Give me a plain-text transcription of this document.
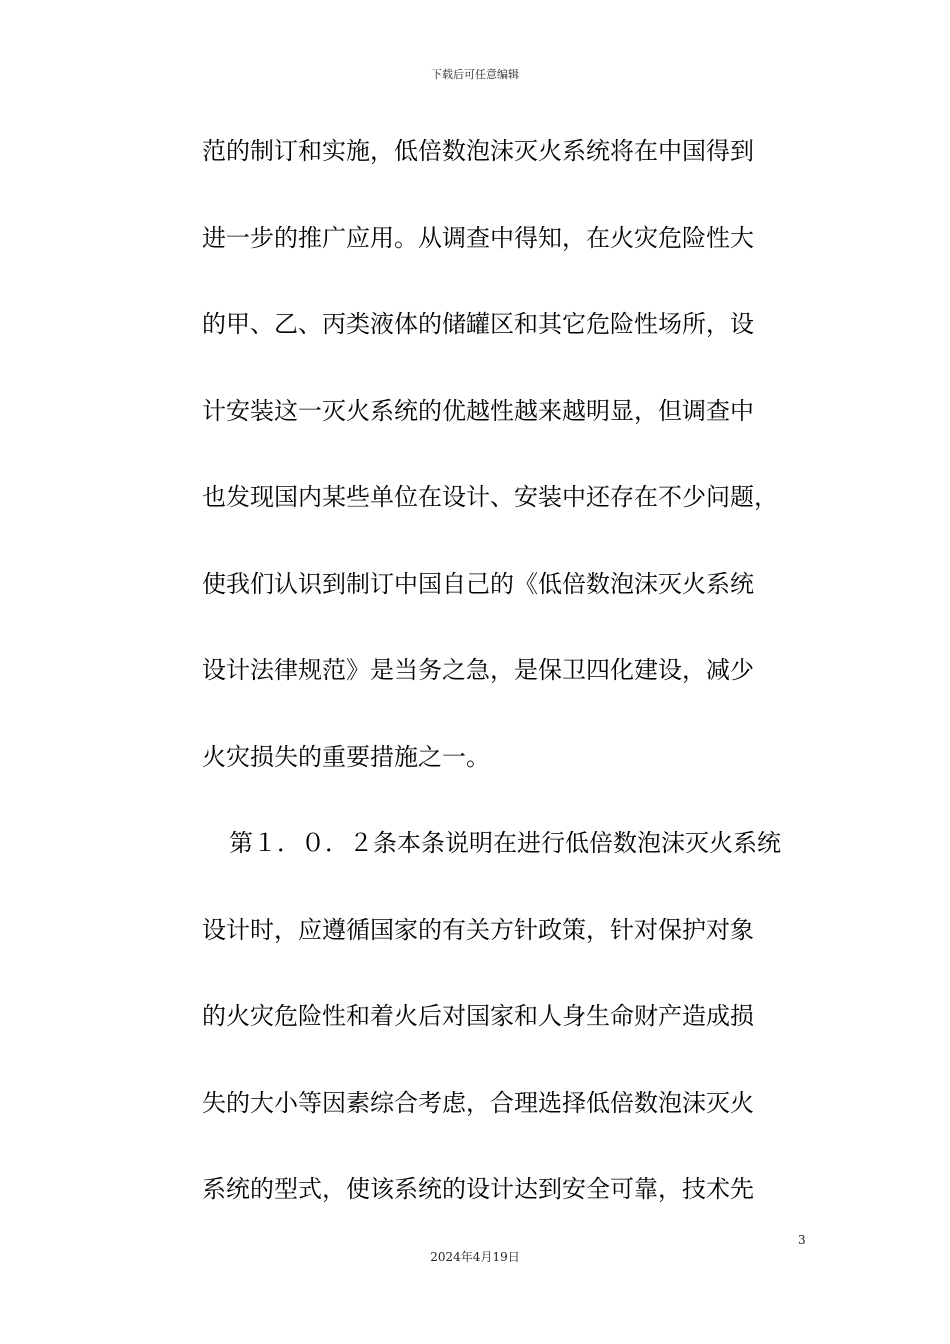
下载后可任意编辑
范的制订和实施，低倍数泡沫灭火系统将在中国得到
进一步的推广应用。从调查中得知，在火灾危险性大
的甲、乙、丙类液体的储罐区和其它危险性场所，设
计安装这一灭火系统的优越性越来越明显，但调查中
也发现国内某些单位在设计、安装中还存在不少问题，
使我们认识到制订中国自己的《低倍数泡沫灭火系统
设计法律规范》是当务之急，是保卫四化建设，减少
火灾损失的重要措施之一。
第１．０．２条本条说明在进行低倍数泡沫灭火系统
设计时，应遵循国家的有关方针政策，针对保护对象
的火灾危险性和着火后对国家和人身生命财产造成损
失的大小等因素综合考虑，合理选择低倍数泡沫灭火
系统的型式，使该系统的设计达到安全可靠，技术先
3
2024年4月19日
